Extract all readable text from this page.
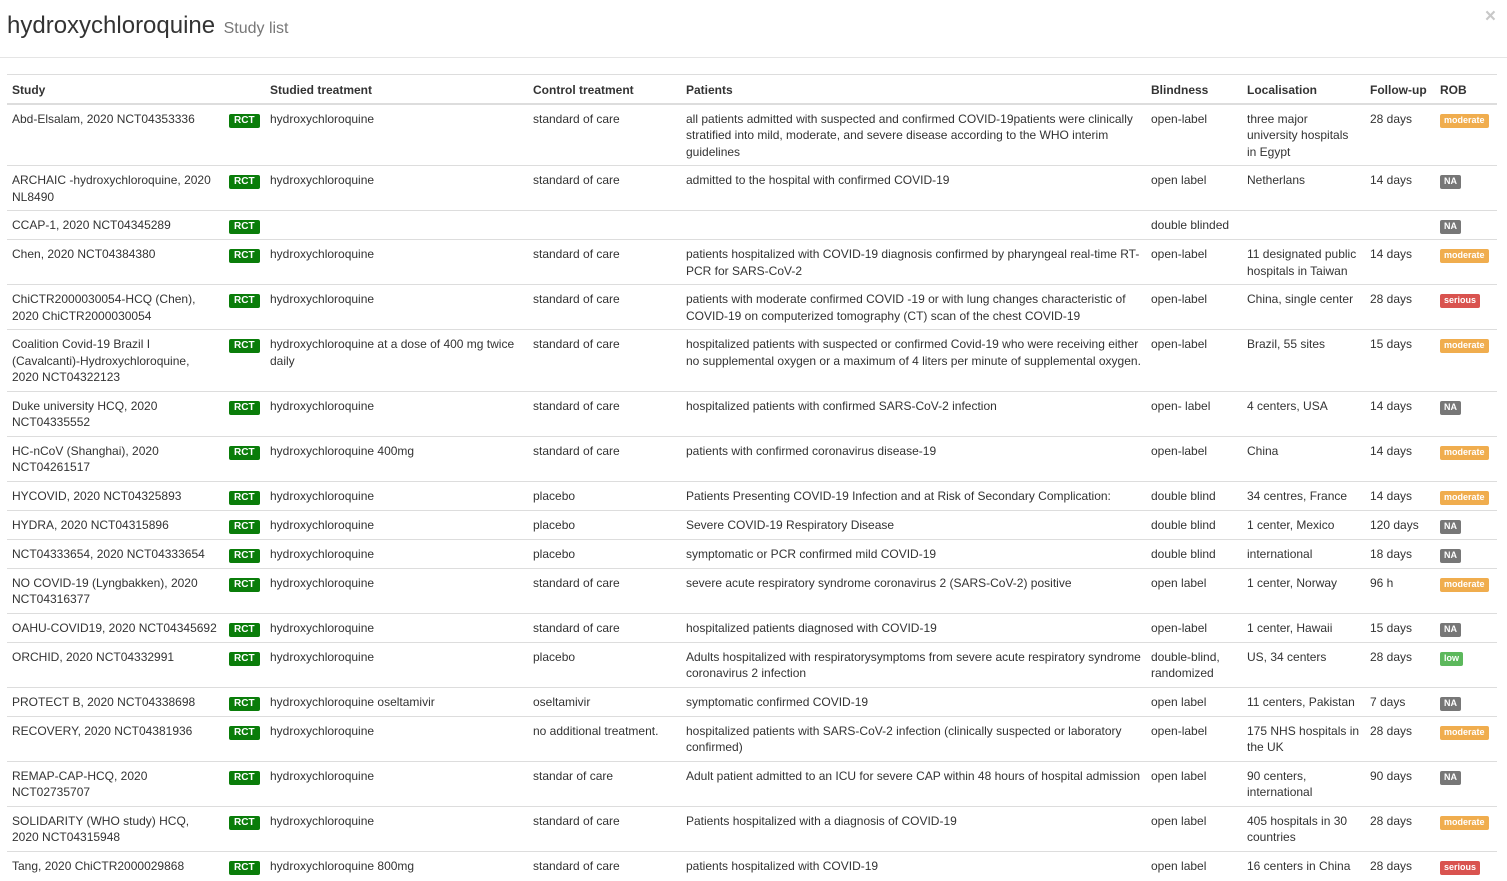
hydroxychloroquine Study list
×
Study		Studied treatment	Control treatment	Patients	Blindness	Localisation	Follow-up	ROB
Abd-Elsalam, 2020 NCT04353336	RCT	hydroxychloroquine	standard of care	all patients admitted with suspected and confirmed COVID-19patients were clinically stratified into mild, moderate, and severe disease according to the WHO interim guidelines	open-label	three major university hospitals in Egypt	28 days	moderate
ARCHAIC -hydroxychloroquine, 2020 NL8490	RCT	hydroxychloroquine	standard of care	admitted to the hospital with confirmed COVID-19	open label	Netherlans	14 days	NA
CCAP-1, 2020 NCT04345289	RCT				double blinded			NA
Chen, 2020 NCT04384380	RCT	hydroxychloroquine	standard of care	patients hospitalized with COVID-19 diagnosis confirmed by pharyngeal real-time RT-PCR for SARS-CoV-2	open-label	11 designated public hospitals in Taiwan	14 days	moderate
ChiCTR2000030054-HCQ (Chen), 2020 ChiCTR2000030054	RCT	hydroxychloroquine	standard of care	patients with moderate confirmed COVID -19 or with lung changes characteristic of COVID-19 on computerized tomography (CT) scan of the chest COVID-19	open-label	China, single center	28 days	serious
Coalition Covid-19 Brazil I (Cavalcanti)-Hydroxychloroquine, 2020 NCT04322123	RCT	hydroxychloroquine at a dose of 400 mg twice daily	standard of care	hospitalized patients with suspected or confirmed Covid-19 who were receiving either no supplemental oxygen or a maximum of 4 liters per minute of supplemental oxygen.	open-label	Brazil, 55 sites	15 days	moderate
Duke university HCQ, 2020 NCT04335552	RCT	hydroxychloroquine	standard of care	hospitalized patients with confirmed SARS-CoV-2 infection	open- label	4 centers, USA	14 days	NA
HC-nCoV (Shanghai), 2020 NCT04261517	RCT	hydroxychloroquine 400mg	standard of care	patients with confirmed coronavirus disease-19	open-label	China	14 days	moderate
HYCOVID, 2020 NCT04325893	RCT	hydroxychloroquine	placebo	Patients Presenting COVID-19 Infection and at Risk of Secondary Complication:	double blind	34 centres, France	14 days	moderate
HYDRA, 2020 NCT04315896	RCT	hydroxychloroquine	placebo	Severe COVID-19 Respiratory Disease	double blind	1 center, Mexico	120 days	NA
NCT04333654, 2020 NCT04333654	RCT	hydroxychloroquine	placebo	symptomatic or PCR confirmed mild COVID-19	double blind	international	18 days	NA
NO COVID-19 (Lyngbakken), 2020 NCT04316377	RCT	hydroxychloroquine	standard of care	severe acute respiratory syndrome coronavirus 2 (SARS-CoV-2) positive	open label	1 center, Norway	96 h	moderate
OAHU-COVID19, 2020 NCT04345692	RCT	hydroxychloroquine	standard of care	hospitalized patients diagnosed with COVID-19	open-label	1 center, Hawaii	15 days	NA
ORCHID, 2020 NCT04332991	RCT	hydroxychloroquine	placebo	Adults hospitalized with respiratorysymptoms from severe acute respiratory syndrome coronavirus 2 infection	double-blind, randomized	US, 34 centers	28 days	low
PROTECT B, 2020 NCT04338698	RCT	hydroxychloroquine oseltamivir	oseltamivir	symptomatic confirmed COVID-19	open label	11 centers, Pakistan	7 days	NA
RECOVERY, 2020 NCT04381936	RCT	hydroxychloroquine	no additional treatment.	hospitalized patients with SARS-CoV-2 infection (clinically suspected or laboratory confirmed)	open-label	175 NHS hospitals in the UK	28 days	moderate
REMAP-CAP-HCQ, 2020 NCT02735707	RCT	hydroxychloroquine	standar of care	Adult patient admitted to an ICU for severe CAP within 48 hours of hospital admission	open label	90 centers, international	90 days	NA
SOLIDARITY (WHO study) HCQ, 2020 NCT04315948	RCT	hydroxychloroquine	standard of care	Patients hospitalized with a diagnosis of COVID-19	open label	405 hospitals in 30 countries	28 days	moderate
Tang, 2020 ChiCTR2000029868	RCT	hydroxychloroquine 800mg	standard of care	patients hospitalized with COVID-19	open label	16 centers in China	28 days	serious
